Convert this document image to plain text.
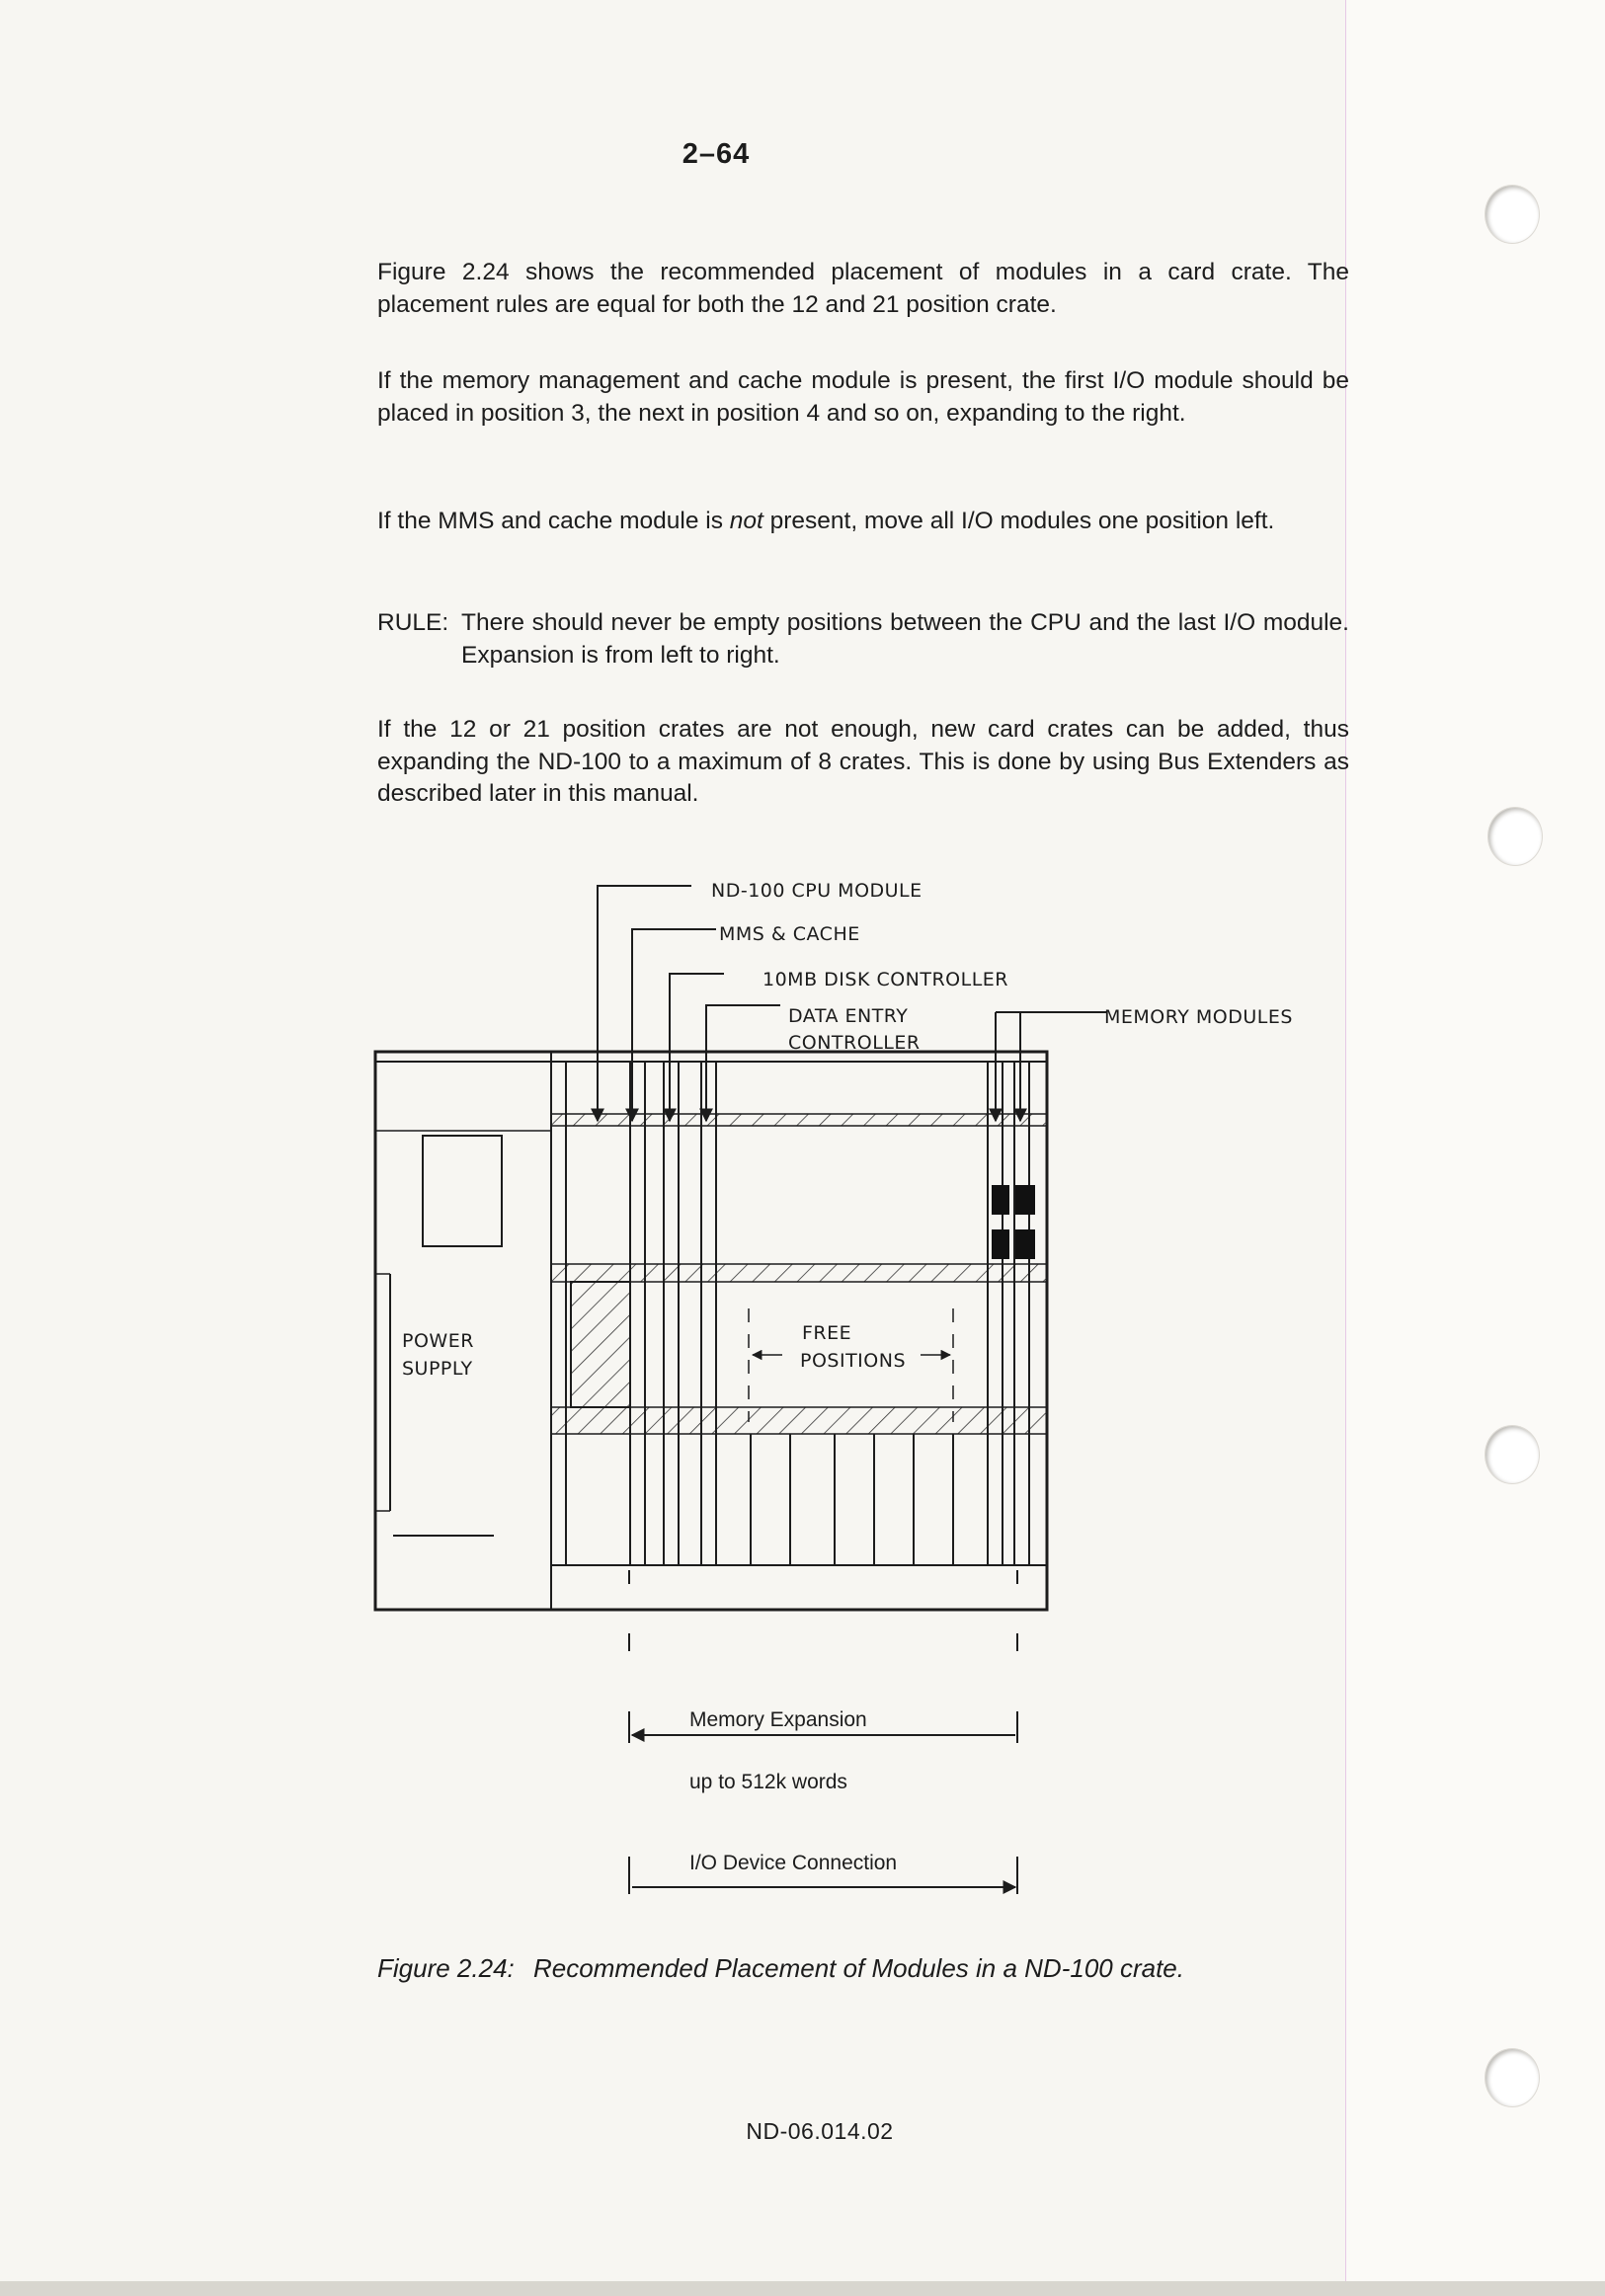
2–64

Figure 2.24 shows the recommended placement of modules in a card crate. The placement rules are equal for both the 12 and 21 position crate.

If the memory management and cache module is present, the first I/O module should be placed in position 3, the next in position 4 and so on, expanding to the right.

If the MMS and cache module is not present, move all I/O modules one position left.

RULE: There should never be empty positions between the CPU and the last I/O module. Expansion is from left to right.

If the 12 or 21 position crates are not enough, new card crates can be added, thus expanding the ND-100 to a maximum of 8 crates. This is done by using Bus Extenders as described later in this manual.

POWER
SUPPLY
FREE
POSITIONS
ND-100 CPU MODULE
MMS & CACHE
10MB DISK CONTROLLER
DATA ENTRY
CONTROLLER
MEMORY MODULES
Memory Expansion
up to 512k words
I/O Device Connection
Figure 2.24: Recommended Placement of Modules in a ND-100 crate.
ND-06.014.02
